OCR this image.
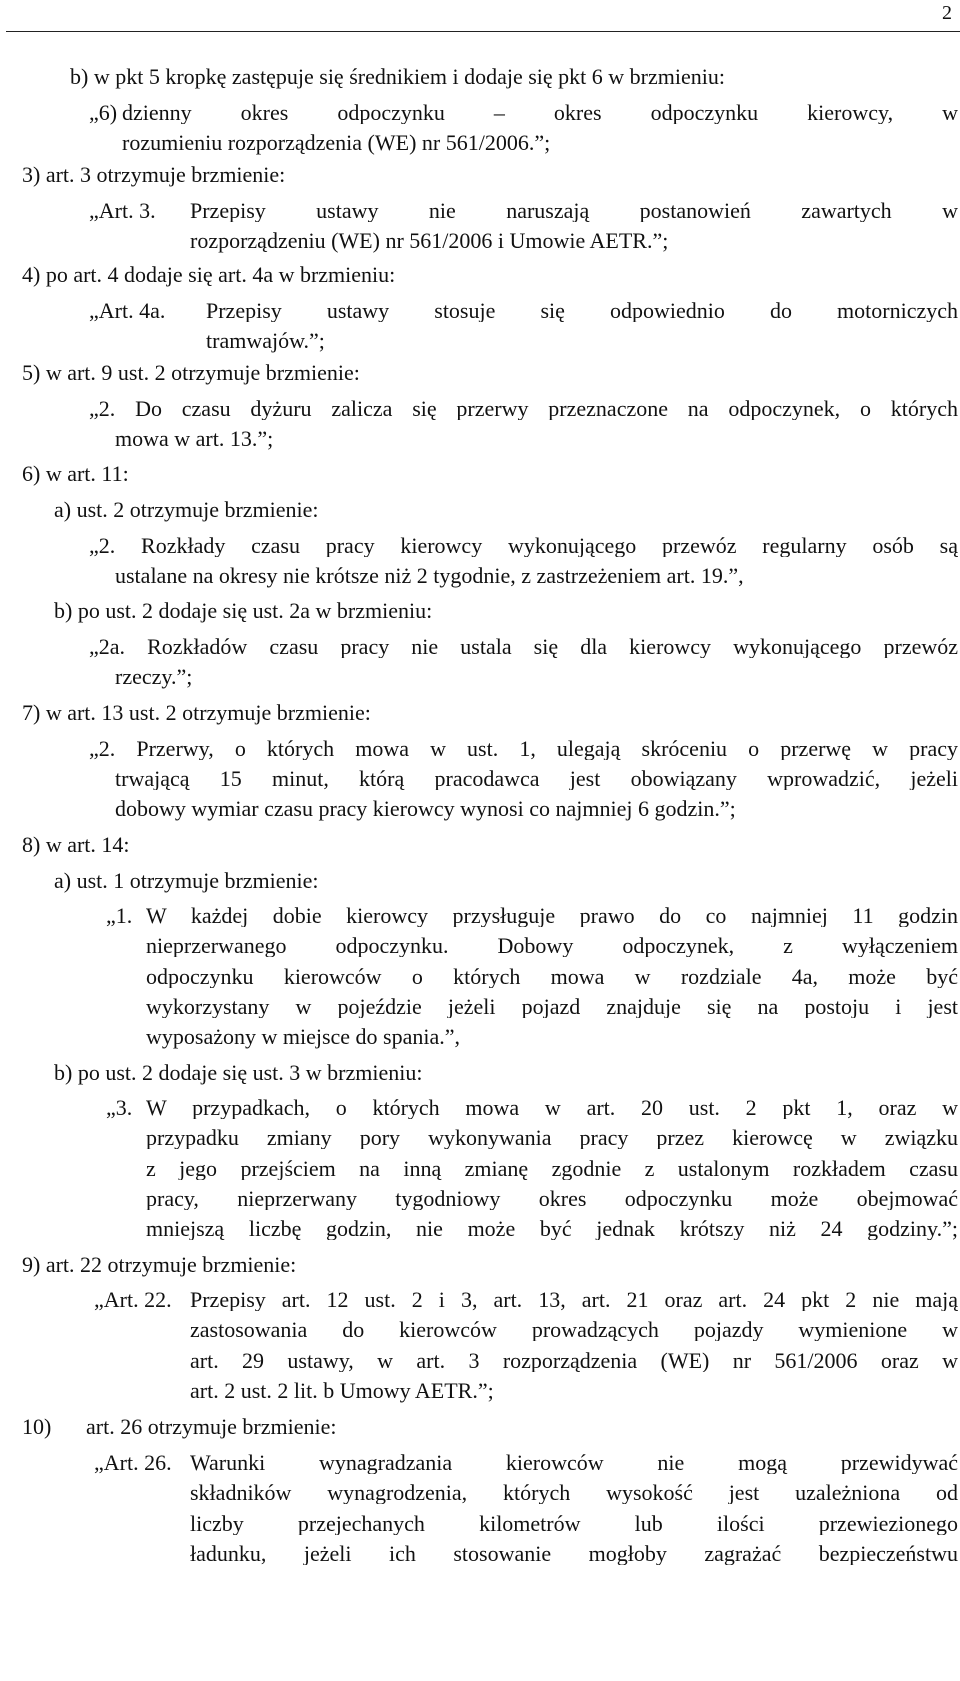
2
b) w pkt 5 kropkę zastępuje się średnikiem i dodaje się pkt 6 w brzmieniu:
„6) dzienny okres odpoczynku – okres odpoczynku kierowcy, w
rozumieniu rozporządzenia (WE) nr 561/2006.”;
3) art. 3 otrzymuje brzmienie:
„Art. 3. Przepisy ustawy nie naruszają postanowień zawartych w
rozporządzeniu (WE) nr 561/2006 i Umowie AETR.”;
4) po art. 4 dodaje się art. 4a w brzmieniu:
„Art. 4a. Przepisy ustawy stosuje się odpowiednio do motorniczych
tramwajów.”;
5) w art. 9 ust. 2 otrzymuje brzmienie:
„2. Do czasu dyżuru zalicza się przerwy przeznaczone na odpoczynek, o których
mowa w art. 13.”;
6) w art. 11:
a) ust. 2 otrzymuje brzmienie:
„2. Rozkłady czasu pracy kierowcy wykonującego przewóz regularny osób są
ustalane na okresy nie krótsze niż 2 tygodnie, z zastrzeżeniem art. 19.”,
b) po ust. 2 dodaje się ust. 2a w brzmieniu:
„2a. Rozkładów czasu pracy nie ustala się dla kierowcy wykonującego przewóz
rzeczy.”;
7) w art. 13 ust. 2 otrzymuje brzmienie:
„2. Przerwy, o których mowa w ust. 1, ulegają skróceniu o przerwę w pracy
trwającą 15 minut, którą pracodawca jest obowiązany wprowadzić, jeżeli
dobowy wymiar czasu pracy kierowcy wynosi co najmniej 6 godzin.”;
8) w art. 14:
a) ust. 1 otrzymuje brzmienie:
„1. W każdej dobie kierowcy przysługuje prawo do co najmniej 11 godzin
nieprzerwanego odpoczynku. Dobowy odpoczynek, z wyłączeniem
odpoczynku kierowców o których mowa w rozdziale 4a, może być
wykorzystany w pojeździe jeżeli pojazd znajduje się na postoju i jest
wyposażony w miejsce do spania.”,
b) po ust. 2 dodaje się ust. 3 w brzmieniu:
„3. W przypadkach, o których mowa w art. 20 ust. 2 pkt 1, oraz w
przypadku zmiany pory wykonywania pracy przez kierowcę w związku
z jego przejściem na inną zmianę zgodnie z ustalonym rozkładem czasu
pracy, nieprzerwany tygodniowy okres odpoczynku może obejmować
mniejszą liczbę godzin, nie może być jednak krótszy niż 24 godziny.”;
9) art. 22 otrzymuje brzmienie:
„Art. 22. Przepisy art. 12 ust. 2 i 3, art. 13, art. 21 oraz art. 24 pkt 2 nie mają
zastosowania do kierowców prowadzących pojazdy wymienione w
art. 29 ustawy, w art. 3 rozporządzenia (WE) nr 561/2006 oraz w
art. 2 ust. 2 lit. b Umowy AETR.”;
10) art. 26 otrzymuje brzmienie:
„Art. 26. Warunki wynagradzania kierowców nie mogą przewidywać
składników wynagrodzenia, których wysokość jest uzależniona od
liczby przejechanych kilometrów lub ilości przewiezionego
ładunku, jeżeli ich stosowanie mogłoby zagrażać bezpieczeństwu
